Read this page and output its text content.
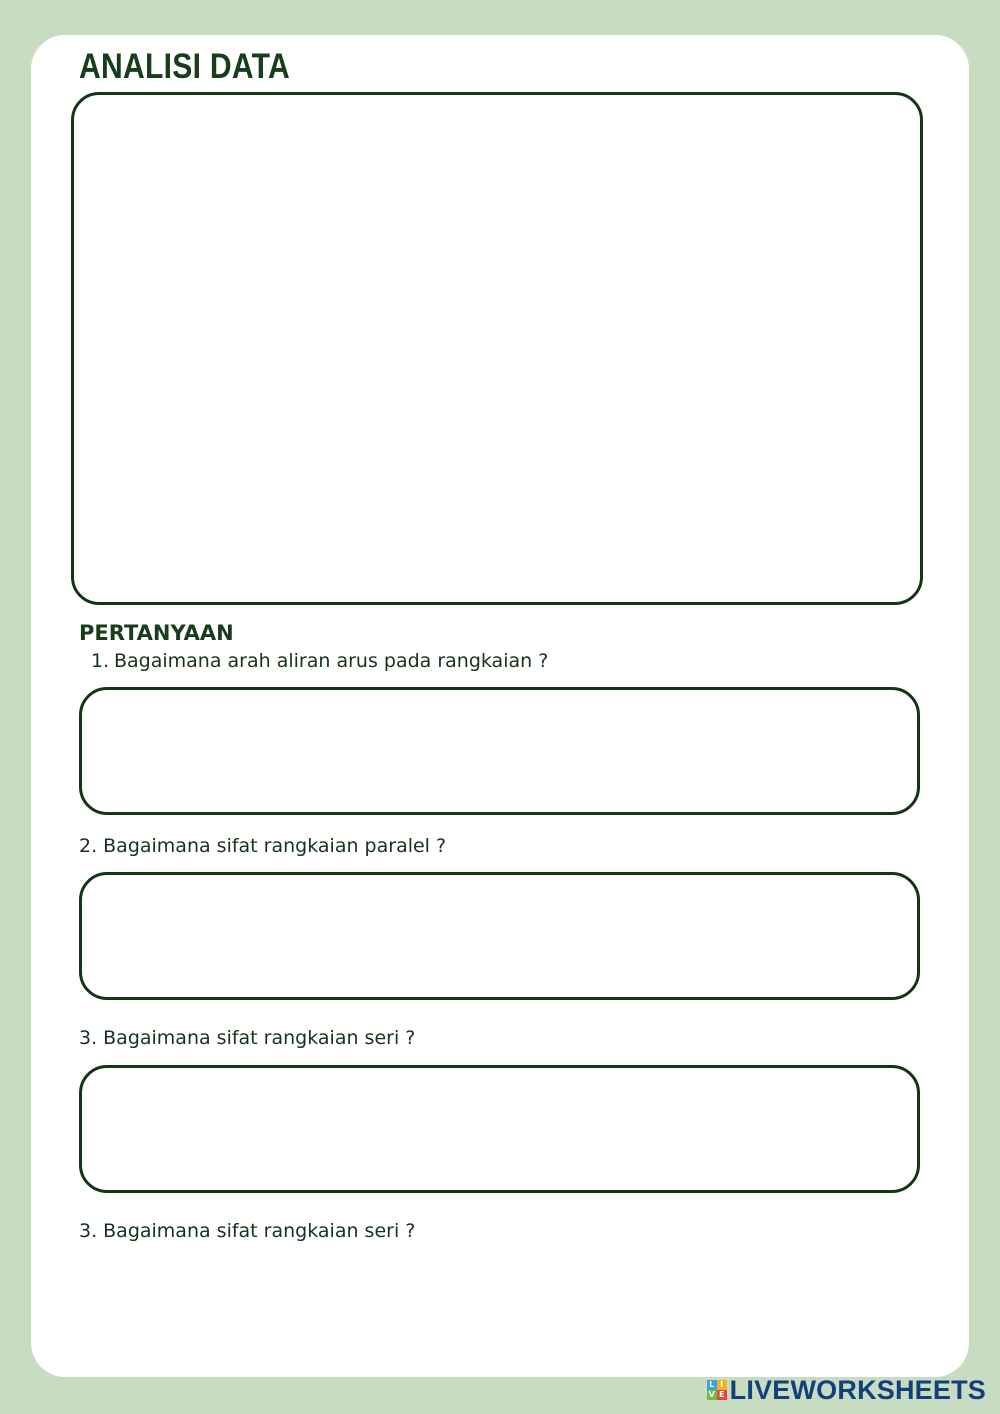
ANALISI DATA
PERTANYAAN

1. Bagaimana arah aliran arus pada rangkaian ?

2. Bagaimana sifat rangkaian paralel ?

3. Bagaimana sifat rangkaian seri ?

3. Bagaimana sifat rangkaian seri ?

L I
V E LIVEWORKSHEETS
